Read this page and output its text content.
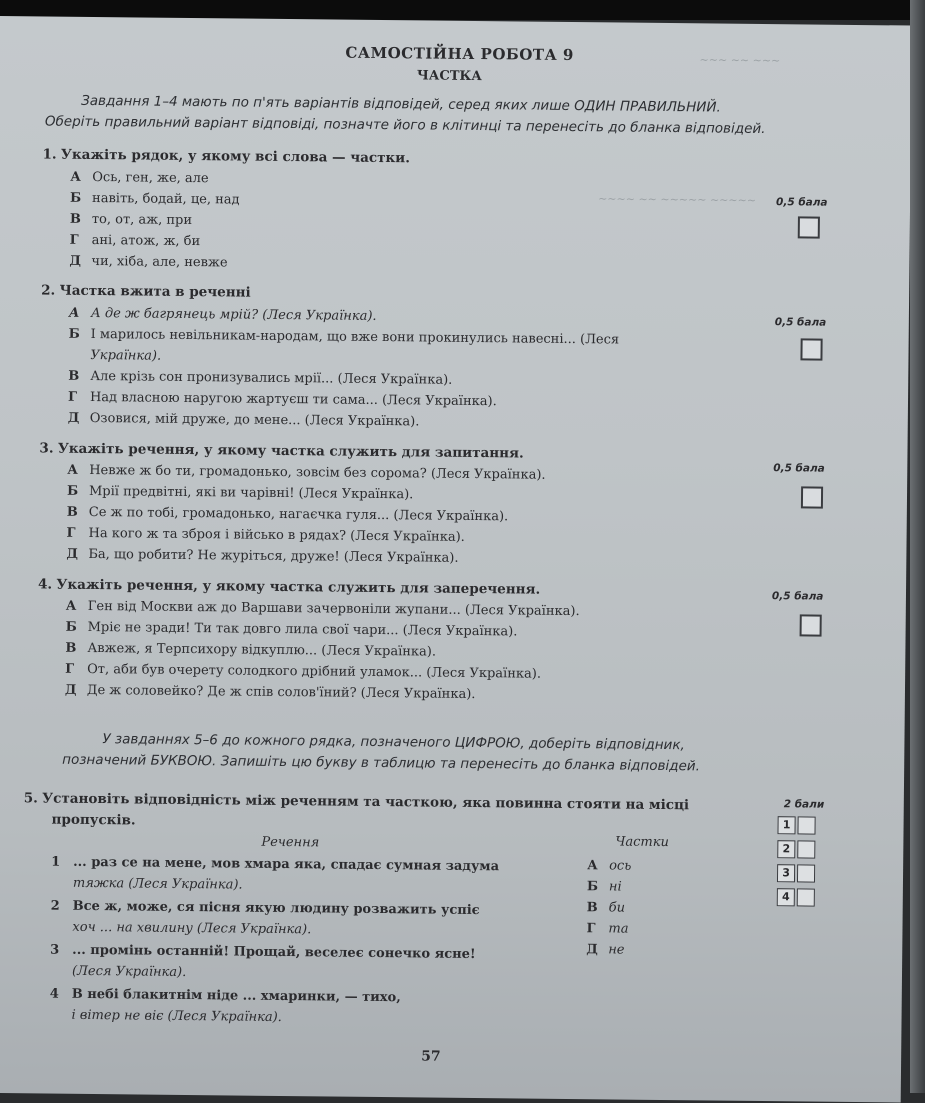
~~~ ~~ ~~~
~~~~ ~~ ~~~~~ ~~~~~
САМОСТІЙНА РОБОТА 9
ЧАСТКА
Завдання 1–4 мають по п'ять варіантів відповідей, серед яких лише ОДИН ПРАВИЛЬНИЙ.
Оберіть правильний варіант відповіді, позначте його в клітинці та перенесіть до бланка відповідей.
1. Укажіть рядок, у якому всі слова — частки.
0,5 бала
А Ось, ген, же, але
Б навіть, бодай, це, над
В то, от, аж, при
Г ані, атож, ж, би
Д чи, хіба, але, невже
2. Частка вжита в реченні
0,5 бала
А А де ж багрянець мрій? (Леся Українка).
Б І марилось невільникам-народам, що вже вони прокинулись навесні... (Леся
Українка).
В Але крізь сон пронизувались мрії... (Леся Українка).
Г Над власною наругою жартуєш ти сама... (Леся Українка).
Д Озовися, мій друже, до мене... (Леся Українка).
3. Укажіть речення, у якому частка служить для запитання.
0,5 бала
А Невже ж бо ти, громадонько, зовсім без сорома? (Леся Українка).
Б Мрії предвітні, які ви чарівні! (Леся Українка).
В Се ж по тобі, громадонько, нагаєчка гуля... (Леся Українка).
Г На кого ж та зброя і військо в рядах? (Леся Українка).
Д Ба, що робити? Не журіться, друже! (Леся Українка).
4. Укажіть речення, у якому частка служить для заперечення.	0,5 бала
А Ген від Москви аж до Варшави зачервоніли жупани... (Леся Українка).
Б Мріє не зради! Ти так довго лила свої чари... (Леся Українка).
В Авжеж, я Терпсихору відкуплю... (Леся Українка).
Г От, аби був очерету солодкого дрібний уламок... (Леся Українка).
Д Де ж соловейко? Де ж спів солов'їний? (Леся Українка).
У завданнях 5–6 до кожного рядка, позначеного ЦИФРОЮ, доберіть відповідник,
позначений БУКВОЮ. Запишіть цю букву в таблицю та перенесіть до бланка відповідей.
5. Установіть відповідність між реченням та часткою, яка повинна стояти на місці
пропусків.
2 бали
Речення	Частки
1 ... раз се на мене, мов хмара яка, спадає сумная задума
тяжка (Леся Українка).
2 Все ж, може, ся пісня якую людину розважить успіє
хоч ... на хвилину (Леся Українка).
3 ... промінь останній! Прощай, веселеє сонечко ясне!
(Леся Українка).
4 В небі блакитнім ніде ... хмаринки, — тихо,
і вітер не віє (Леся Українка).
А ось
Б ні
В би
Г та
Д не
1
2
3
4
57
